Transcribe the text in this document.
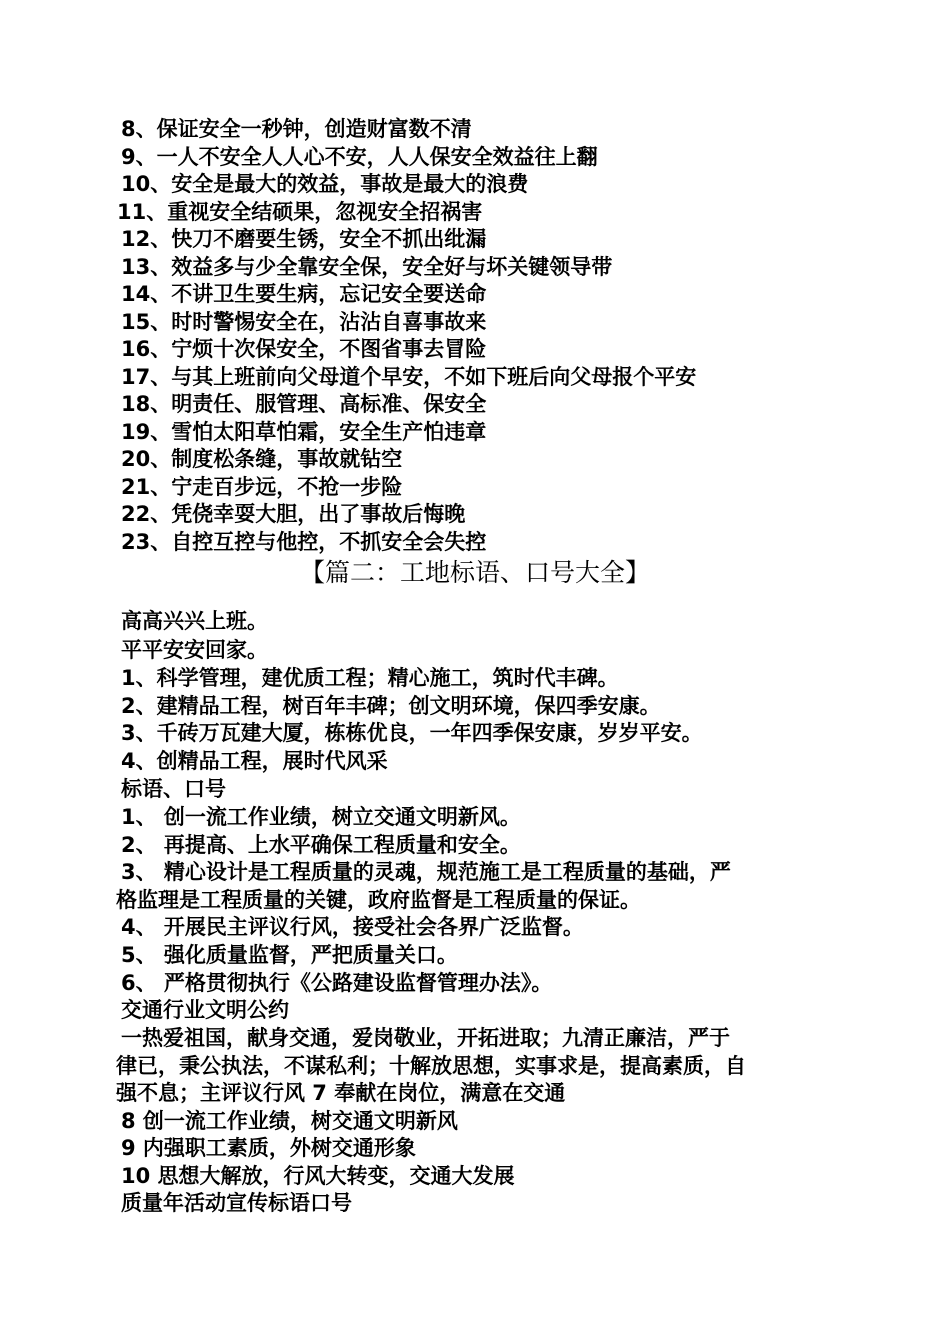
8、保证安全一秒钟，创造财富数不清
9、一人不安全人人心不安，人人保安全效益往上翻
10、安全是最大的效益，事故是最大的浪费
11、重视安全结硕果，忽视安全招祸害
12、快刀不磨要生锈，安全不抓出纰漏
13、效益多与少全靠安全保，安全好与坏关键领导带
14、不讲卫生要生病，忘记安全要送命
15、时时警惕安全在，沾沾自喜事故来
16、宁烦十次保安全，不图省事去冒险
17、与其上班前向父母道个早安，不如下班后向父母报个平安
18、明责任、服管理、高标准、保安全
19、雪怕太阳草怕霜，安全生产怕违章
20、制度松条缝，事故就钻空
21、宁走百步远，不抢一步险
22、凭侥幸耍大胆，出了事故后悔晚
23、自控互控与他控，不抓安全会失控
【篇二：工地标语、口号大全】
高高兴兴上班。
平平安安回家。
1、科学管理，建优质工程；精心施工，筑时代丰碑。
2、建精品工程，树百年丰碑；创文明环境，保四季安康。
3、千砖万瓦建大厦，栋栋优良，一年四季保安康，岁岁平安。
4、创精品工程，展时代风采
标语、口号
1、 创一流工作业绩，树立交通文明新风。
2、 再提高、上水平确保工程质量和安全。
3、 精心设计是工程质量的灵魂，规范施工是工程质量的基础，严
格监理是工程质量的关键，政府监督是工程质量的保证。
4、 开展民主评议行风，接受社会各界广泛监督。
5、 强化质量监督，严把质量关口。
6、 严格贯彻执行《公路建设监督管理办法》。
交通行业文明公约
一热爱祖国，献身交通，爱岗敬业，开拓进取；九清正廉洁，严于
律已，秉公执法，不谋私利；十解放思想，实事求是，提高素质，自
强不息；主评议行风 7 奉献在岗位，满意在交通
8 创一流工作业绩，树交通文明新风
9 内强职工素质，外树交通形象
10 思想大解放，行风大转变，交通大发展
质量年活动宣传标语口号
